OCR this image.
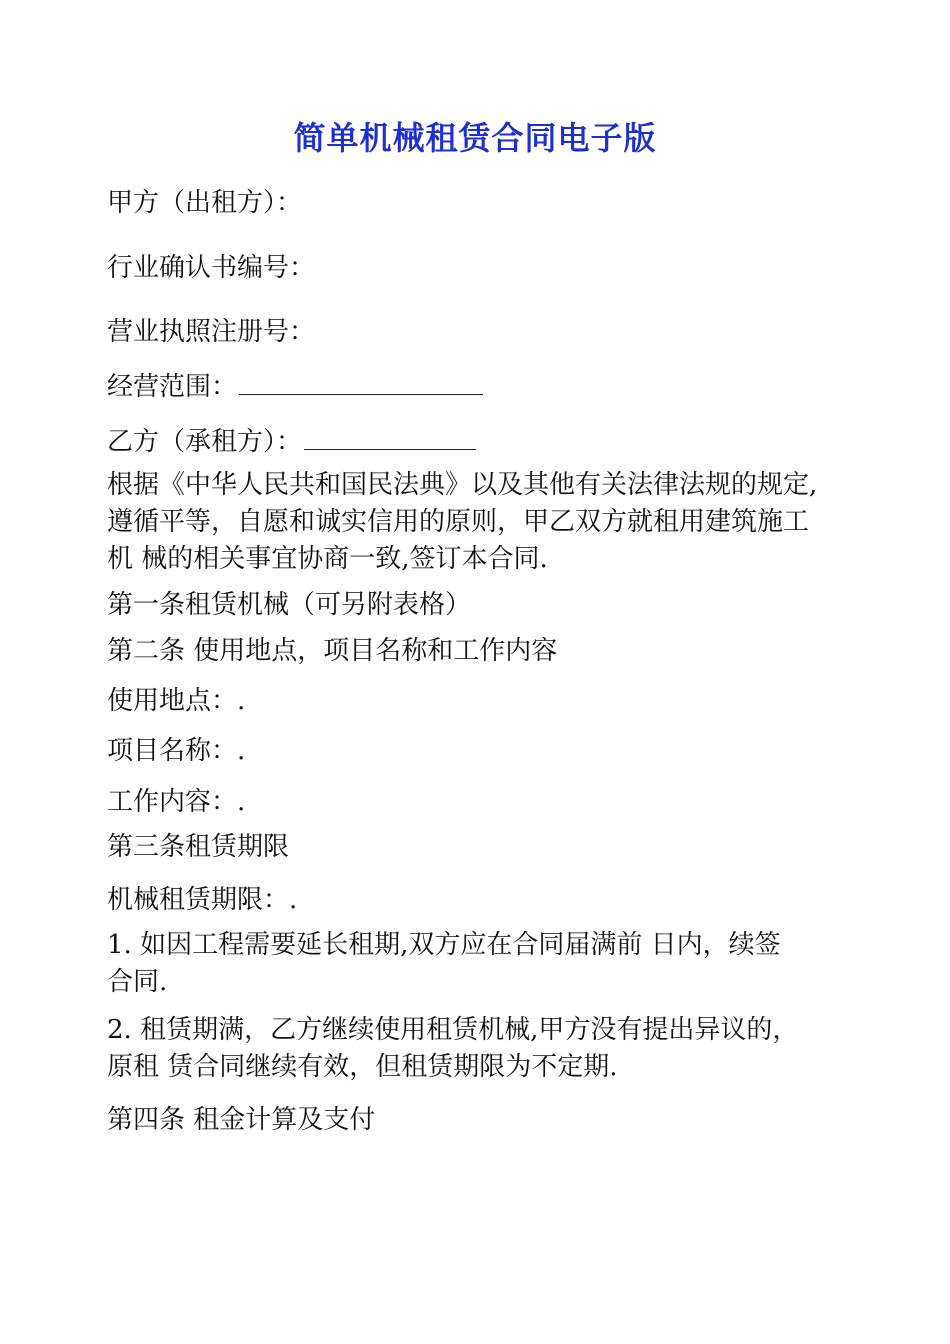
简单机械租赁合同电子版
甲方（出租方）：
行业确认书编号：
营业执照注册号：
经营范围：
乙方（承租方）：
根据《中华人民共和国民法典》以及其他有关法律法规的规定,
遵循平等，自愿和诚实信用的原则，甲乙双方就租用建筑施工
机 械的相关事宜协商一致,签订本合同.
第一条租赁机械（可另附表格）
第二条 使用地点，项目名称和工作内容
使用地点：.
项目名称：.
工作内容：.
第三条租赁期限
机械租赁期限：.
1. 如因工程需要延长租期,双方应在合同届满前 日内，续签
合同.
2. 租赁期满，乙方继续使用租赁机械,甲方没有提出异议的，
原租 赁合同继续有效，但租赁期限为不定期.
第四条 租金计算及支付
